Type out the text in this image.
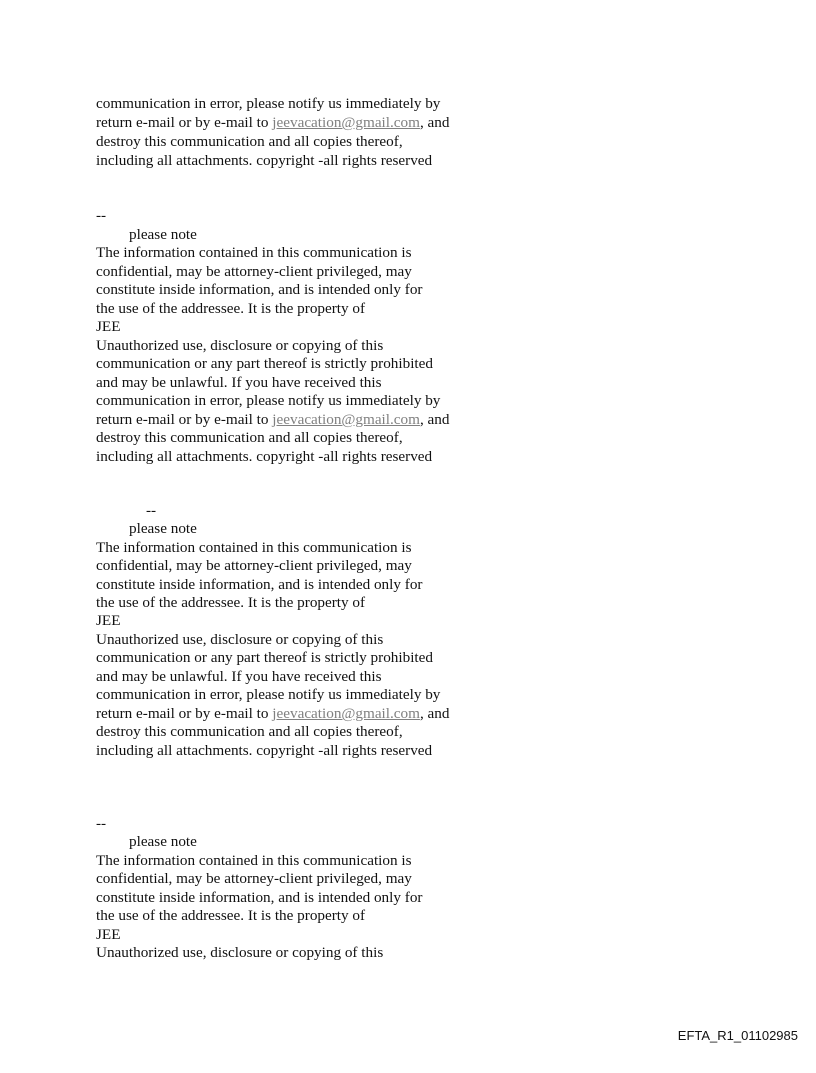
communication in error, please notify us immediately by
return e-mail or by e-mail to jeevacation@gmail.com, and
destroy this communication and all copies thereof,
including all attachments. copyright -all rights reserved
--
please note
The information contained in this communication is
confidential, may be attorney-client privileged, may
constitute inside information, and is intended only for
the use of the addressee. It is the property of
JEE
Unauthorized use, disclosure or copying of this
communication or any part thereof is strictly prohibited
and may be unlawful. If you have received this
communication in error, please notify us immediately by
return e-mail or by e-mail to jeevacation@gmail.com, and
destroy this communication and all copies thereof,
including all attachments. copyright -all rights reserved
--
please note
The information contained in this communication is
confidential, may be attorney-client privileged, may
constitute inside information, and is intended only for
the use of the addressee. It is the property of
JEE
Unauthorized use, disclosure or copying of this
communication or any part thereof is strictly prohibited
and may be unlawful. If you have received this
communication in error, please notify us immediately by
return e-mail or by e-mail to jeevacation@gmail.com, and
destroy this communication and all copies thereof,
including all attachments. copyright -all rights reserved
--
please note
The information contained in this communication is
confidential, may be attorney-client privileged, may
constitute inside information, and is intended only for
the use of the addressee. It is the property of
JEE
Unauthorized use, disclosure or copying of this
EFTA_R1_01102985
